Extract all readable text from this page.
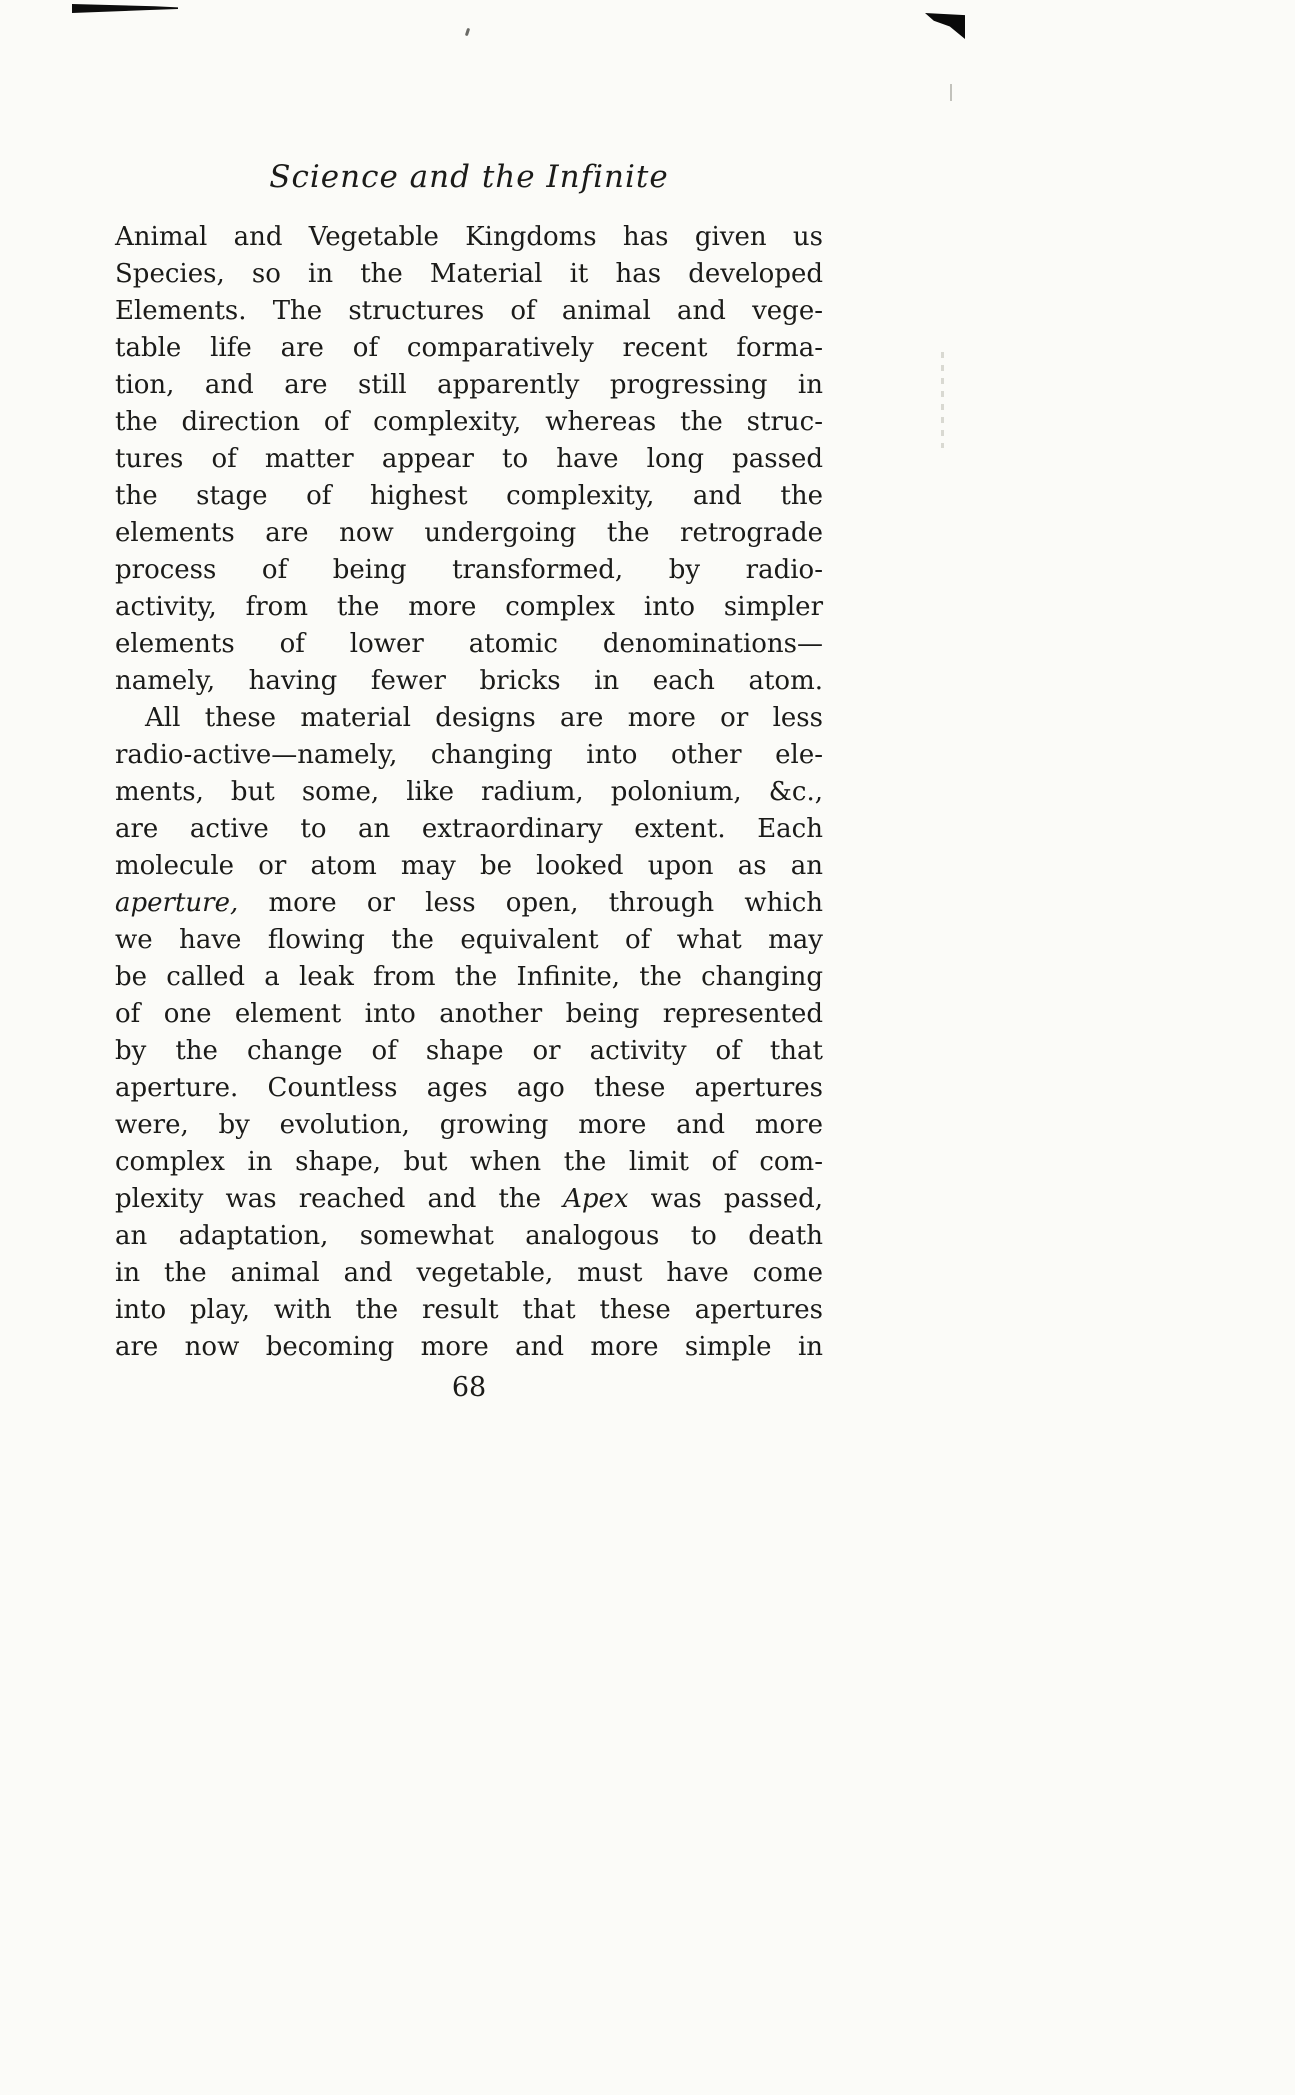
Science and the Infinite
Animal and Vegetable Kingdoms has given us
Species, so in the Material it has developed
Elements. The structures of animal and vege-
table life are of comparatively recent forma-
tion, and are still apparently progressing in
the direction of complexity, whereas the struc-
tures of matter appear to have long passed
the stage of highest complexity, and the
elements are now undergoing the retrograde
process of being transformed, by radio-
activity, from the more complex into simpler
elements of lower atomic denominations—
namely, having fewer bricks in each atom.
All these material designs are more or less
radio-active—namely, changing into other ele-
ments, but some, like radium, polonium, &c.,
are active to an extraordinary extent. Each
molecule or atom may be looked upon as an
aperture, more or less open, through which
we have flowing the equivalent of what may
be called a leak from the Infinite, the changing
of one element into another being represented
by the change of shape or activity of that
aperture. Countless ages ago these apertures
were, by evolution, growing more and more
complex in shape, but when the limit of com-
plexity was reached and the Apex was passed,
an adaptation, somewhat analogous to death
in the animal and vegetable, must have come
into play, with the result that these apertures
are now becoming more and more simple in
68
